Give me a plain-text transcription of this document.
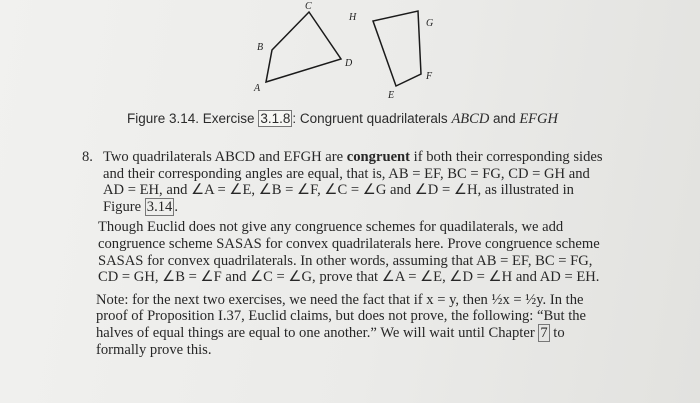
A
B
C
D
E
F
G
H
Figure 3.14. Exercise 3.1.8 : Congruent quadrilaterals ABCD and EFGH
8. Two quadrilaterals ABCD and EFGH are congruent if both their corresponding sides and their corresponding angles are equal, that is, AB = EF, BC = FG, CD = GH and AD = EH, and ∠A = ∠E, ∠B = ∠F, ∠C = ∠G and ∠D = ∠H, as illustrated in Figure 3.14 .
Though Euclid does not give any congruence schemes for quadilaterals, we add congruence scheme SASAS for convex quadrilaterals here. Prove congruence scheme SASAS for convex quadrilaterals. In other words, assuming that AB = EF, BC = FG, CD = GH, ∠B = ∠F and ∠C = ∠G, prove that ∠A = ∠E, ∠D = ∠H and AD = EH.
Note: for the next two exercises, we need the fact that if x = y, then ½x = ½y. In the proof of Proposition I.37, Euclid claims, but does not prove, the following: “But the halves of equal things are equal to one another.” We will wait until Chapter 7 to formally prove this.
